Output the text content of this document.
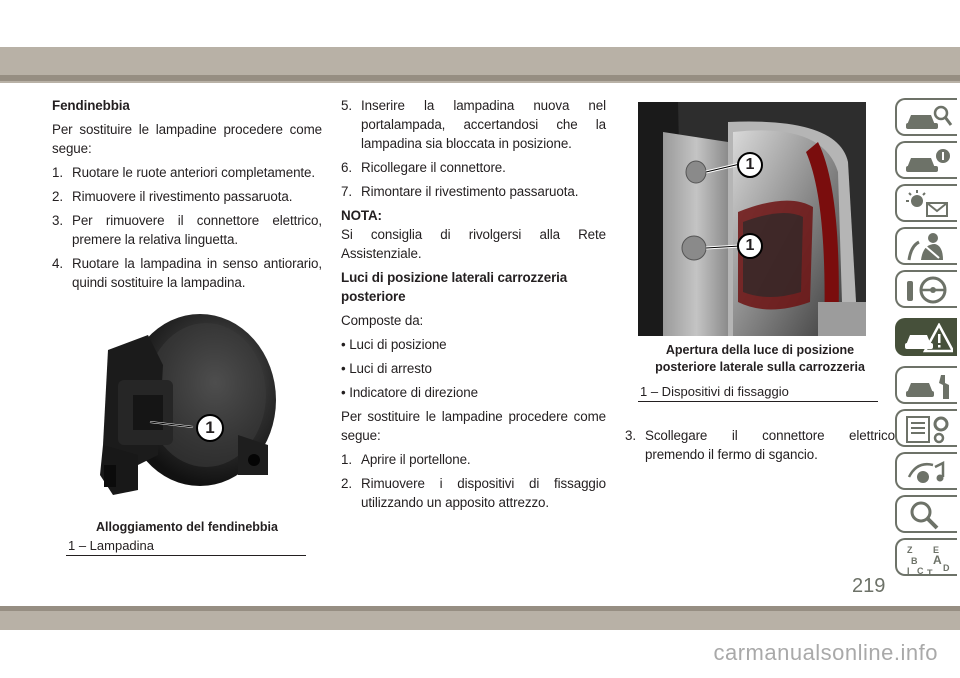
Fendinebbia

Per sostituire le lampadine procedere come segue:

1. Ruotare le ruote anteriori completamente.
2. Rimuovere il rivestimento passaruota.
3. Per rimuovere il connettore elettrico, premere la relativa linguetta.
4. Ruotare la lampadina in senso antiorario, quindi sostituire la lampadina.
1
Alloggiamento del fendinebbia
1 – Lampadina
5. Inserire la lampadina nuova nel portalampada, accertandosi che la lampadina sia bloccata in posizione.
6. Ricollegare il connettore.
7. Rimontare il rivestimento passaruota.

NOTA:

Si consiglia di rivolgersi alla Rete Assistenziale.

Luci di posizione laterali carrozzeria posteriore

Composte da:

• Luci di posizione

• Luci di arresto

• Indicatore di direzione

Per sostituire le lampadine procedere come segue:

1. Aprire il portellone.
2. Rimuovere i dispositivi di fissaggio utilizzando un apposito attrezzo.
1
1
Apertura della luce di posizione
posteriore laterale sulla carrozzeria
1 – Dispositivi di fissaggio
3. Scollegare il connettore elettrico premendo il fermo di sgancio.
Z E
B A
C D
I T
219
carmanualsonline.info
